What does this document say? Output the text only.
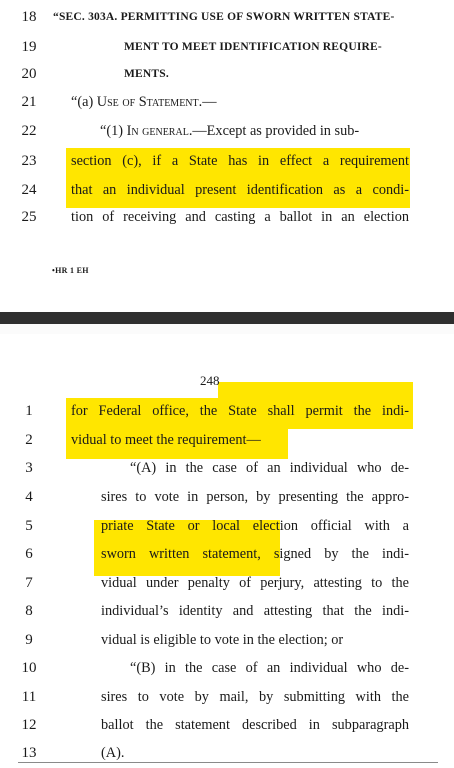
18	“SEC. 303A. PERMITTING USE OF SWORN WRITTEN STATE-
19	MENT TO MEET IDENTIFICATION REQUIRE-
20	MENTS.
21	“(a) Use of Statement.—
22	“(1) In general.—Except as provided in sub-
23	section (c), if a State has in effect a requirement
24	that an individual present identification as a condi-
25	tion of receiving and casting a ballot in an election
•HR 1 EH
248
1	for Federal office, the State shall permit the indi-
2	vidual to meet the requirement—
3	“(A) in the case of an individual who de-
4	sires to vote in person, by presenting the appro-
5	priate State or local election official with a
6	sworn written statement, signed by the indi-
7	vidual under penalty of perjury, attesting to the
8	individual’s identity and attesting that the indi-
9	vidual is eligible to vote in the election; or
10	“(B) in the case of an individual who de-
11	sires to vote by mail, by submitting with the
12	ballot the statement described in subparagraph
13	(A).
